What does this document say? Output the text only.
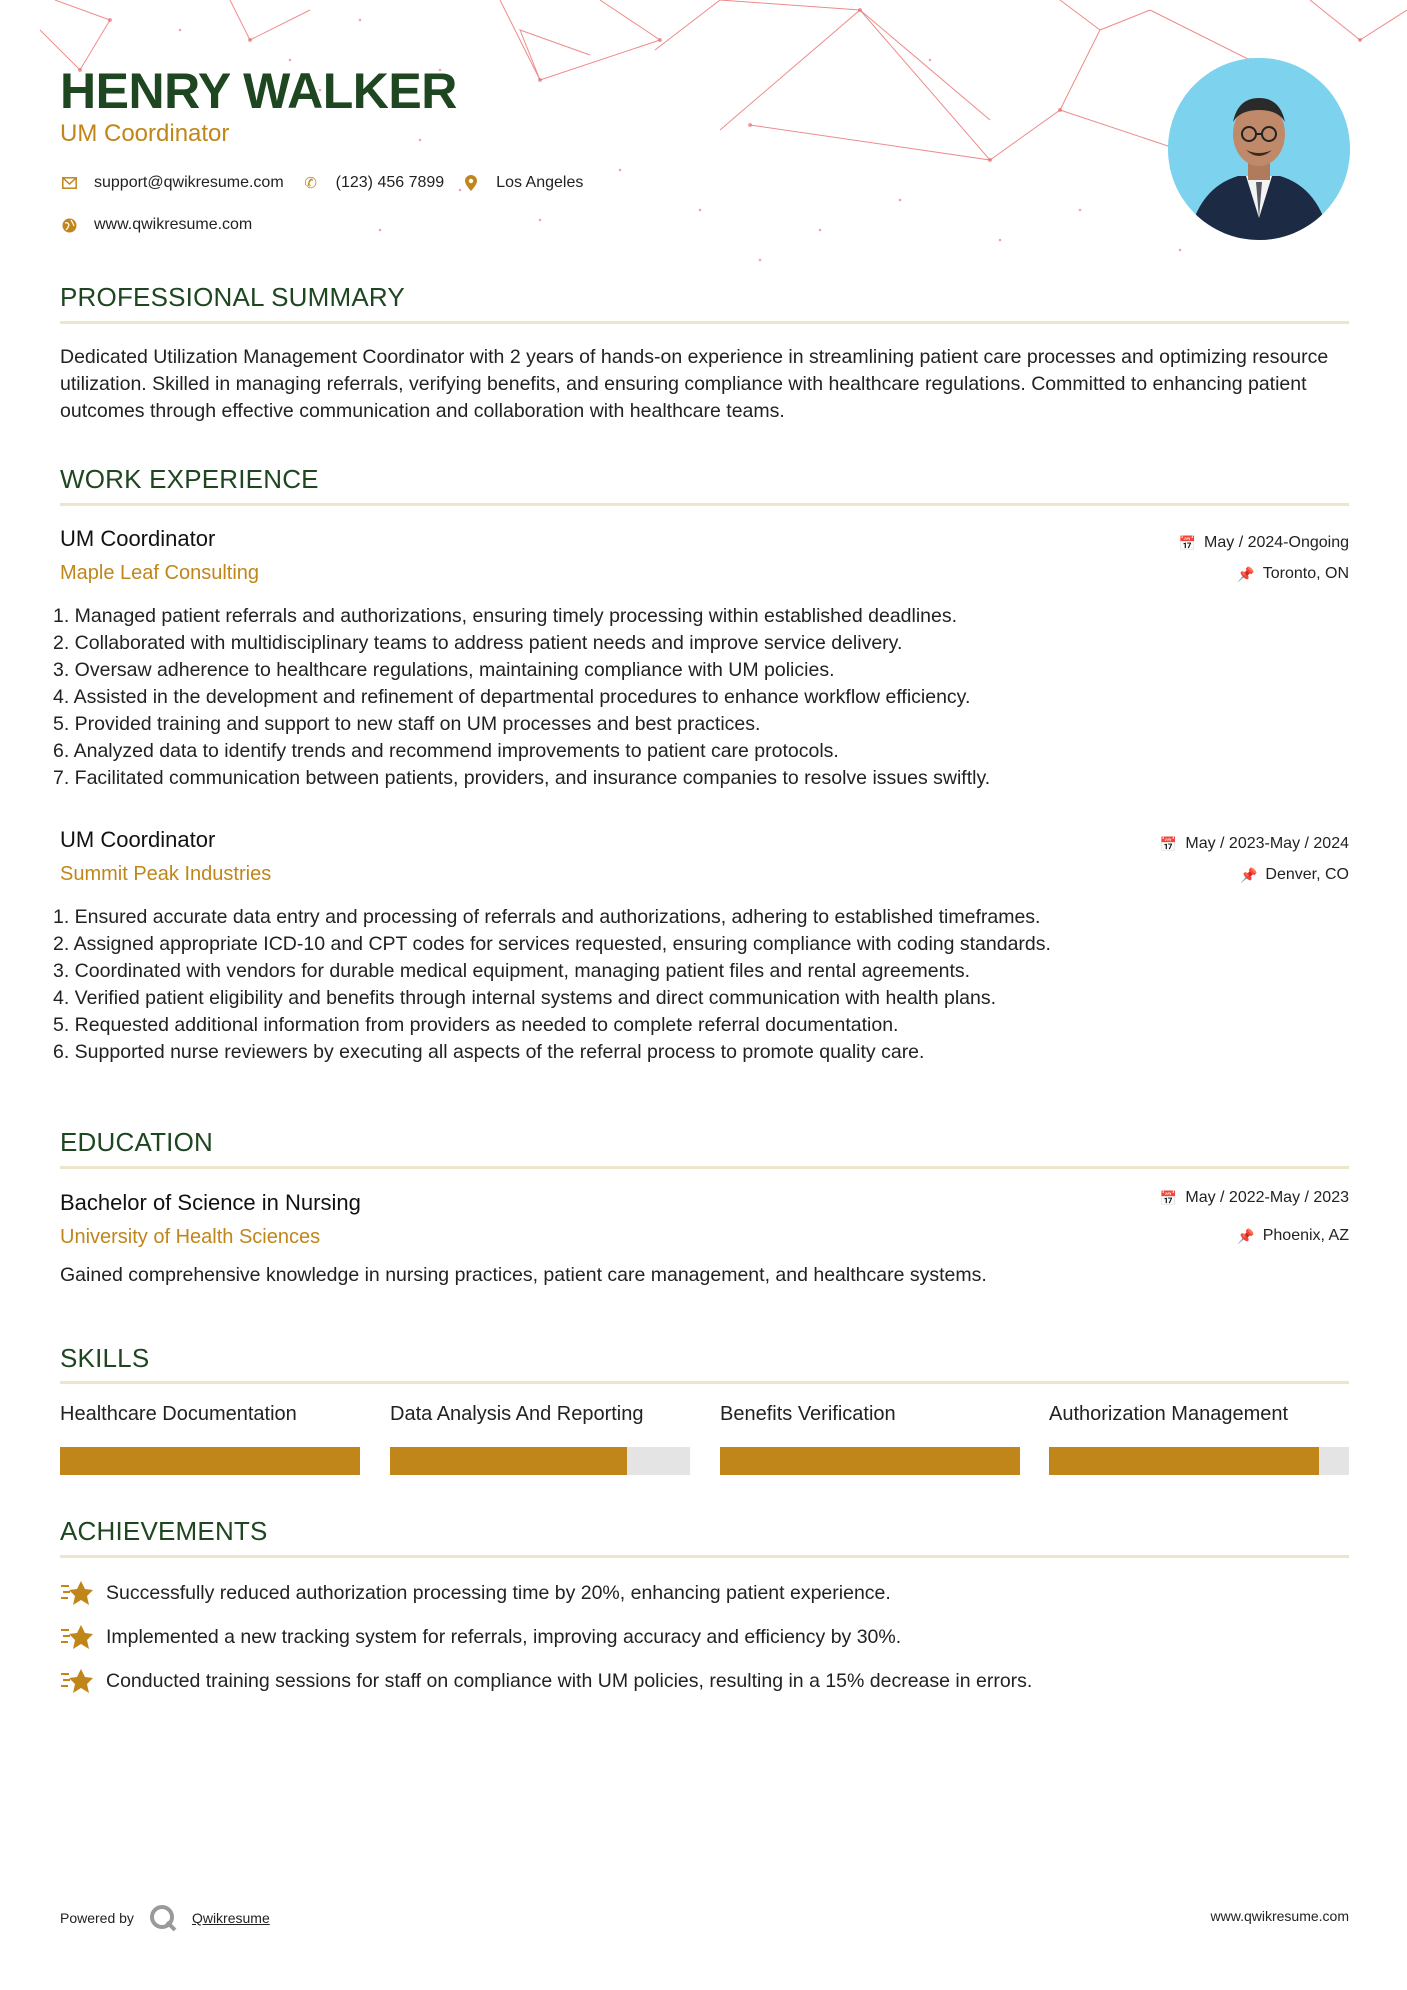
HENRY WALKER
UM Coordinator
support@qwikresume.com ✆ (123) 456 7899	Los Angeles
www.qwikresume.com
PROFESSIONAL SUMMARY
Dedicated Utilization Management Coordinator with 2 years of hands-on experience in streamlining patient care processes and optimizing resource utilization. Skilled in managing referrals, verifying benefits, and ensuring compliance with healthcare regulations. Committed to enhancing patient outcomes through effective communication and collaboration with healthcare teams.
WORK EXPERIENCE
UM Coordinator
Maple Leaf Consulting
📅 May / 2024-Ongoing
📌 Toronto, ON
1. Managed patient referrals and authorizations, ensuring timely processing within established deadlines.
2. Collaborated with multidisciplinary teams to address patient needs and improve service delivery.
3. Oversaw adherence to healthcare regulations, maintaining compliance with UM policies.
4. Assisted in the development and refinement of departmental procedures to enhance workflow efficiency.
5. Provided training and support to new staff on UM processes and best practices.
6. Analyzed data to identify trends and recommend improvements to patient care protocols.
7. Facilitated communication between patients, providers, and insurance companies to resolve issues swiftly.
UM Coordinator
Summit Peak Industries
📅 May / 2023-May / 2024
📌 Denver, CO
1. Ensured accurate data entry and processing of referrals and authorizations, adhering to established timeframes.
2. Assigned appropriate ICD-10 and CPT codes for services requested, ensuring compliance with coding standards.
3. Coordinated with vendors for durable medical equipment, managing patient files and rental agreements.
4. Verified patient eligibility and benefits through internal systems and direct communication with health plans.
5. Requested additional information from providers as needed to complete referral documentation.
6. Supported nurse reviewers by executing all aspects of the referral process to promote quality care.
EDUCATION
Bachelor of Science in Nursing
University of Health Sciences
📅 May / 2022-May / 2023
📌 Phoenix, AZ
Gained comprehensive knowledge in nursing practices, patient care management, and healthcare systems.
SKILLS
Healthcare Documentation	Data Analysis And Reporting	Benefits Verification	Authorization Management
ACHIEVEMENTS
Successfully reduced authorization processing time by 20%, enhancing patient experience.
Implemented a new tracking system for referrals, improving accuracy and efficiency by 30%.
Conducted training sessions for staff on compliance with UM policies, resulting in a 15% decrease in errors.
Powered by	Qwikresume	www.qwikresume.com
